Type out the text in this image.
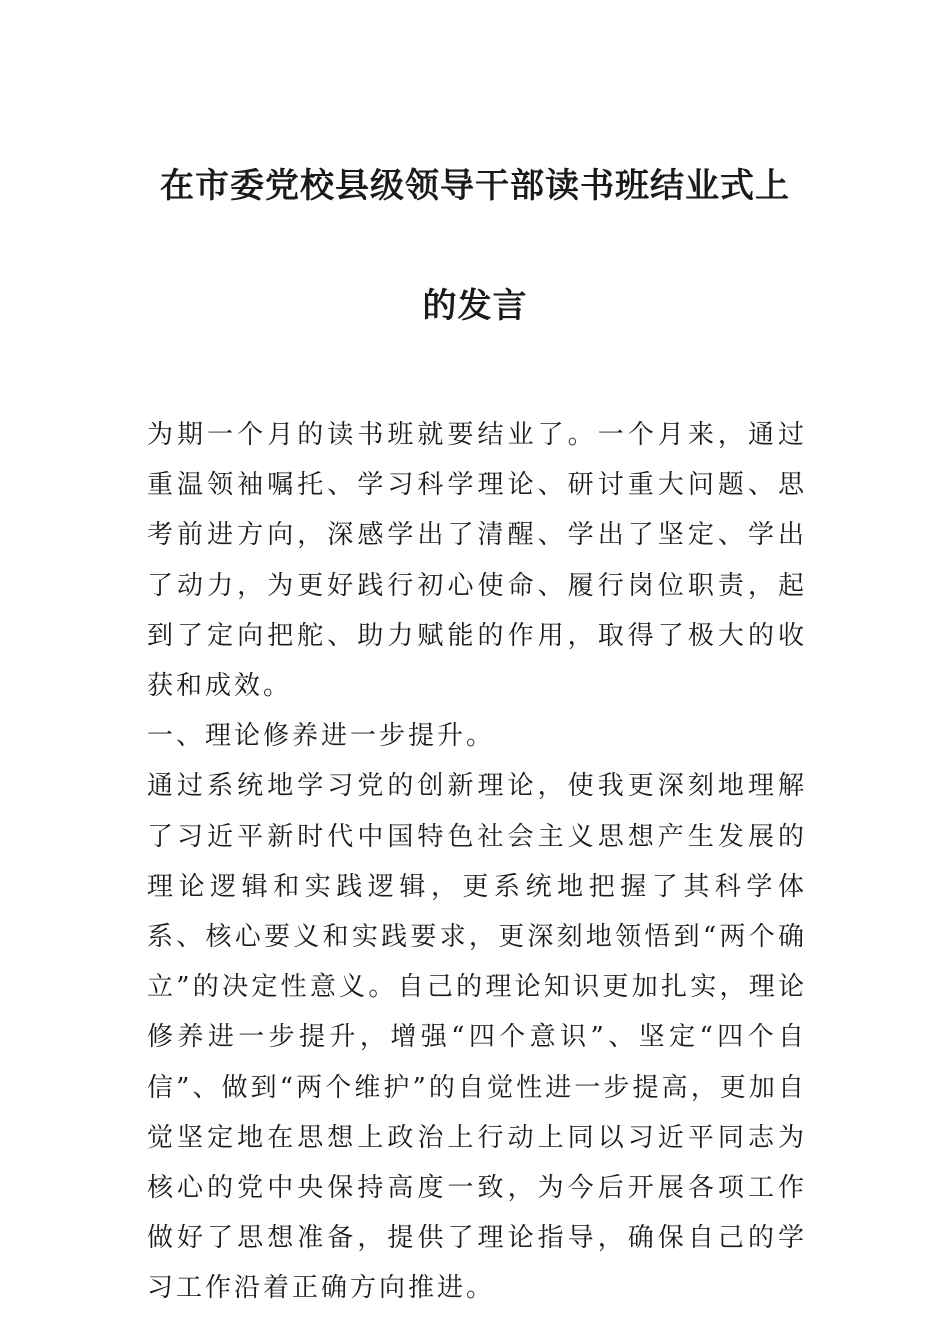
在市委党校县级领导干部读书班结业式上
的发言

为期一个月的读书班就要结业了。一个月来，通过重温领袖嘱托、学习科学理论、研讨重大问题、思考前进方向，深感学出了清醒、学出了坚定、学出了动力，为更好践行初心使命、履行岗位职责，起到了定向把舵、助力赋能的作用，取得了极大的收获和成效。

一、理论修养进一步提升。

通过系统地学习党的创新理论，使我更深刻地理解了习近平新时代中国特色社会主义思想产生发展的理论逻辑和实践逻辑，更系统地把握了其科学体系、核心要义和实践要求，更深刻地领悟到“两个确立”的决定性意义。自己的理论知识更加扎实，理论修养进一步提升，增强“四个意识”、坚定“四个自信”、做到“两个维护”的自觉性进一步提高，更加自觉坚定地在思想上政治上行动上同以习近平同志为核心的党中央保持高度一致，为今后开展各项工作做好了思想准备，提供了理论指导，确保自己的学习工作沿着正确方向推进。
